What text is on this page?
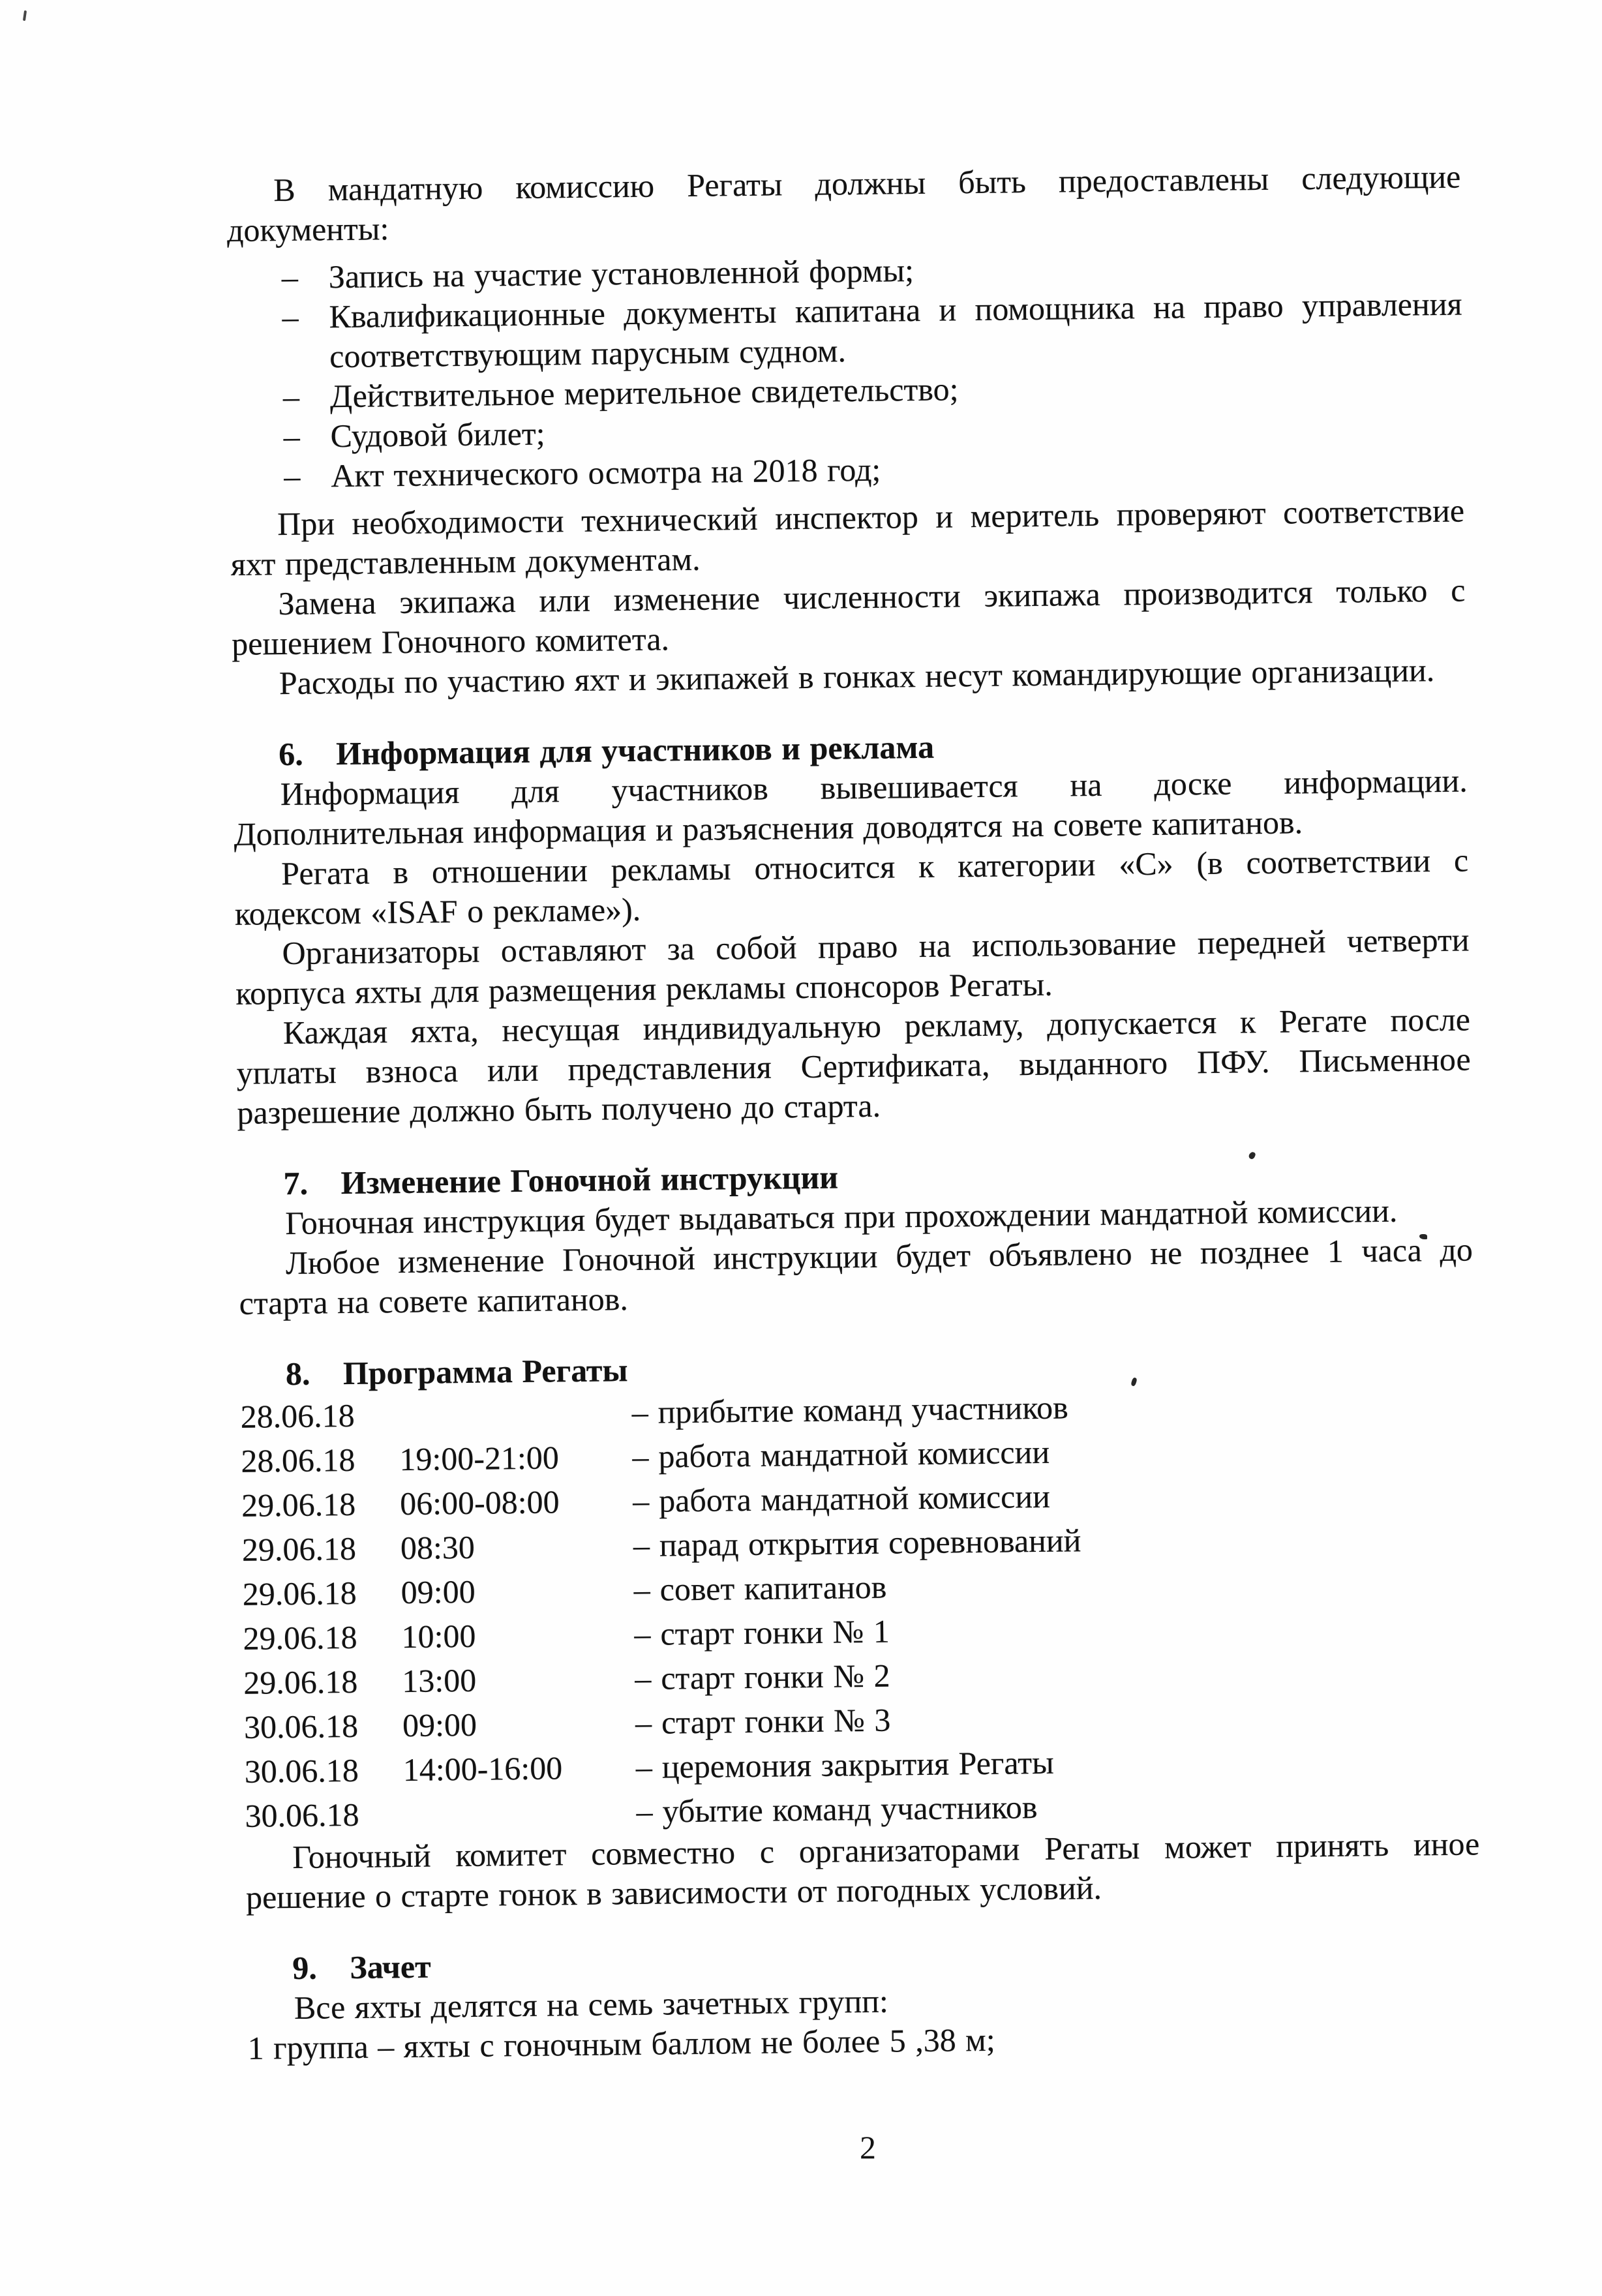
В мандатную комиссию Регаты должны быть предоставлены следующие
документы:

– Запись на участие установленной формы;
– Квалификационные документы капитана и помощника на право управления
соответствующим парусным судном.
– Действительное мерительное свидетельство;
– Судовой билет;
– Акт технического осмотра на 2018 год;

При необходимости технический инспектор и меритель проверяют соответствие
яхт представленным документам.

Замена экипажа или изменение численности экипажа производится только с
решением Гоночного комитета.

Расходы по участию яхт и экипажей в гонках несут командирующие организации.

6. Информация для участников и реклама

Информация для участников вывешивается на доске информации.
Дополнительная информация и разъяснения доводятся на совете капитанов.

Регата в отношении рекламы относится к категории «С» (в соответствии с
кодексом «ISAF о рекламе»).

Организаторы оставляют за собой право на использование передней четверти
корпуса яхты для размещения рекламы спонсоров Регаты.

Каждая яхта, несущая индивидуальную рекламу, допускается к Регате после
уплаты взноса или представления Сертификата, выданного ПФУ. Письменное
разрешение должно быть получено до старта.

7. Изменение Гоночной инструкции

Гоночная инструкция будет выдаваться при прохождении мандатной комиссии.

Любое изменение Гоночной инструкции будет объявлено не позднее 1 часа до
старта на совете капитанов.

8. Программа Регаты
28.06.18	– прибытие команд участников
28.06.18	19:00-21:00	– работа мандатной комиссии
29.06.18	06:00-08:00	– работа мандатной комиссии
29.06.18	08:30	– парад открытия соревнований
29.06.18	09:00	– совет капитанов
29.06.18	10:00	– старт гонки № 1
29.06.18	13:00	– старт гонки № 2
30.06.18	09:00	– старт гонки № 3
30.06.18	14:00-16:00	– церемония закрытия Регаты
30.06.18	– убытие команд участников

Гоночный комитет совместно с организаторами Регаты может принять иное
решение о старте гонок в зависимости от погодных условий.

9. Зачет

Все яхты делятся на семь зачетных групп:

1 группа – яхты с гоночным баллом не более 5 ,38 м;

2
